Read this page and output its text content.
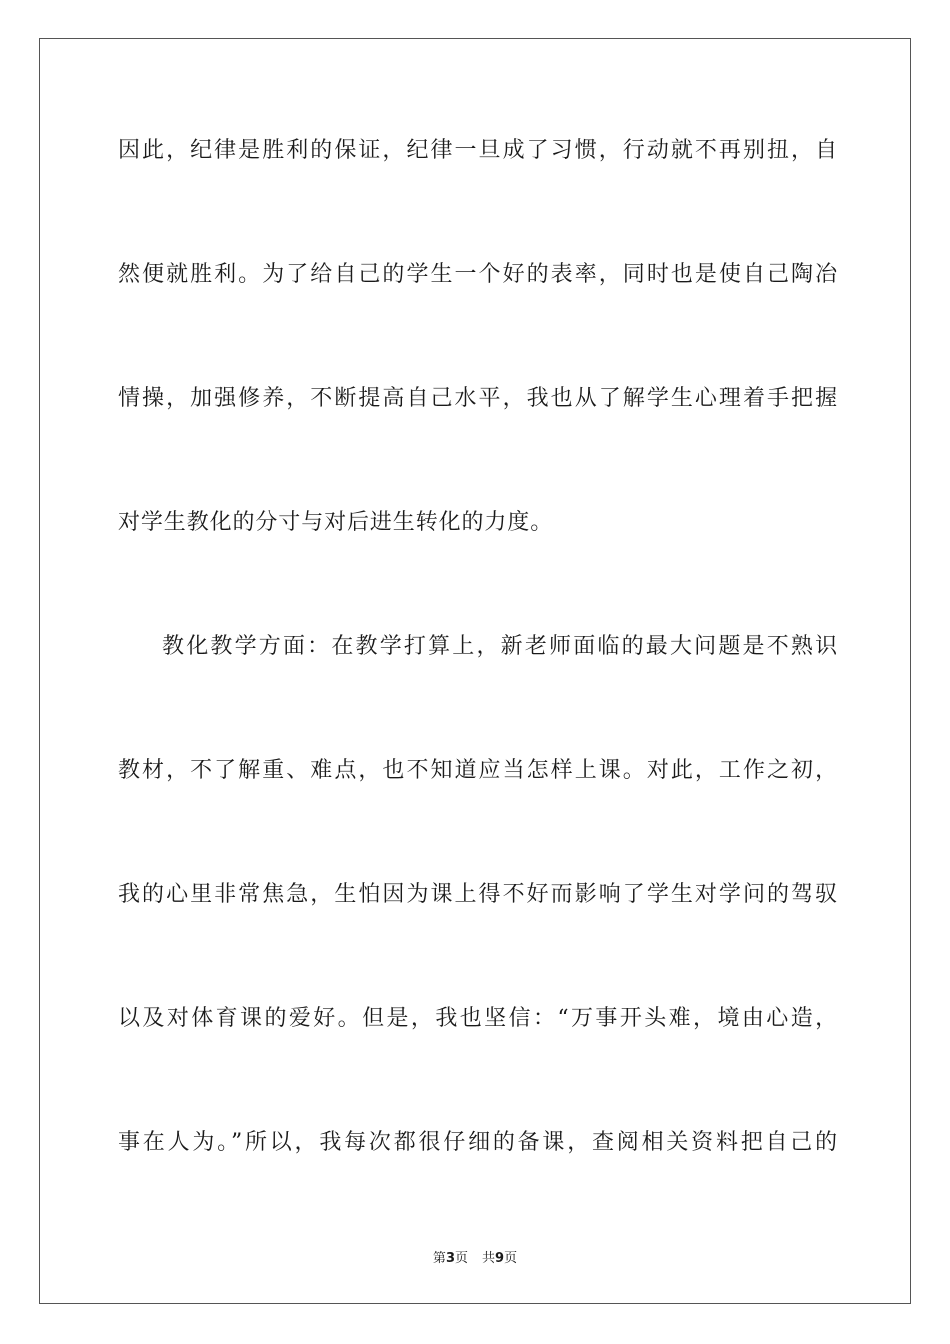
因此，纪律是胜利的保证，纪律一旦成了习惯，行动就不再别扭，自
然便就胜利。为了给自己的学生一个好的表率，同时也是使自己陶冶
情操，加强修养，不断提高自己水平，我也从了解学生心理着手把握
对学生教化的分寸与对后进生转化的力度。
教化教学方面：在教学打算上，新老师面临的最大问题是不熟识
教材，不了解重、难点，也不知道应当怎样上课。对此，工作之初，
我的心里非常焦急，生怕因为课上得不好而影响了学生对学问的驾驭
以及对体育课的爱好。但是，我也坚信：“万事开头难，境由心造，
事在人为。”所以，我每次都很仔细的备课，查阅相关资料把自己的
第3页 共9页
